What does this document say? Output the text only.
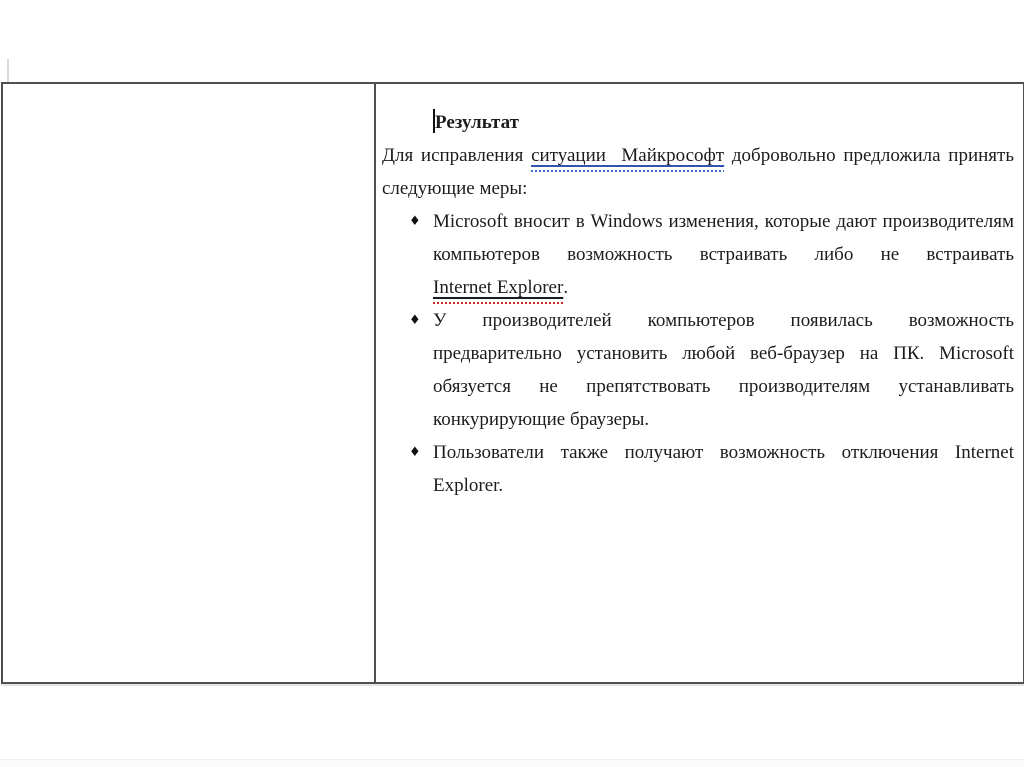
Результат

Для исправления ситуации  Майкрософт добровольно предложила принять следующие меры:

♦ Microsoft вносит в Windows изменения, которые дают производителям компьютеров возможность встраивать либо не встраивать Internet Explorer.
♦ У производителей компьютеров появилась возможность предварительно установить любой веб-браузер на ПК. Microsoft обязуется не препятствовать производителям устанавливать конкурирующие браузеры.
♦ Пользователи также получают возможность отключения Internet Explorer.
